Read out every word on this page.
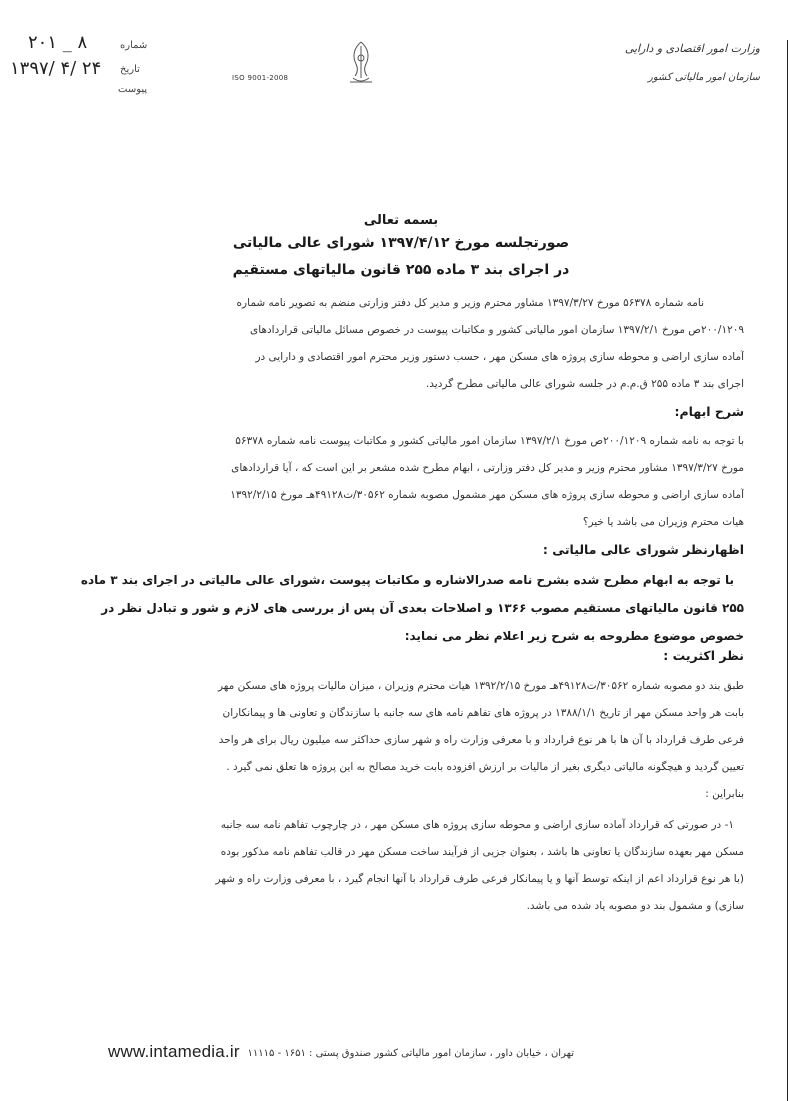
۲۰۱ _ ۸
۱۳۹۷/ ۴/ ۲۴
شماره
تاریخ
پیوست
ISO 9001-2008
وزارت امور اقتصادی و دارایی
سازمان امور مالیاتی کشور
بسمه تعالی
صورتجلسه مورخ ۱۳۹۷/۴/۱۲ شورای عالی مالیاتی
در اجرای بند ۳ ماده ۲۵۵ قانون مالیاتهای مستقیم
نامه شماره ۵۶۳۷۸ مورخ ۱۳۹۷/۳/۲۷ مشاور محترم وزیر و مدیر کل دفتر وزارتی منضم به تصویر نامه شماره
۲۰۰/۱۲۰۹ص مورخ ۱۳۹۷/۲/۱ سازمان امور مالیاتی کشور و مکاتبات پیوست در خصوص مسائل مالیاتی قراردادهای
آماده سازی اراضی و محوطه سازی پروژه های مسکن مهر ، حسب دستور وزیر محترم امور اقتصادی و دارایی در
اجرای بند ۳ ماده ۲۵۵ ق.م.م در جلسه شورای عالی مالیاتی مطرح گردید.
شرح ابهام:
با توجه به نامه شماره ۲۰۰/۱۲۰۹ص مورخ ۱۳۹۷/۲/۱ سازمان امور مالیاتی کشور و مکاتبات پیوست نامه شماره ۵۶۳۷۸
مورخ ۱۳۹۷/۳/۲۷ مشاور محترم وزیر و مدیر کل دفتر وزارتی ، ابهام مطرح شده مشعر بر این است که ، آیا قراردادهای
آماده سازی اراضی و محوطه سازی پروژه های مسکن مهر مشمول مصوبه شماره ۳۰۵۶۲/ت۴۹۱۲۸هـ مورخ ۱۳۹۲/۲/۱۵
هیات محترم وزیران می باشد یا خیر؟
اظهارنظر شورای عالی مالیاتی :
با توجه به ابهام مطرح شده بشرح نامه صدرالاشاره و مکاتبات پیوست ،شورای عالی مالیاتی در اجرای بند ۳ ماده
۲۵۵ قانون مالیاتهای مستقیم مصوب ۱۳۶۶ و اصلاحات بعدی آن پس از بررسی های لازم و شور و تبادل نظر در
خصوص موضوع مطروحه به شرح زیر اعلام نظر می نماید:
نظر اکثریت :
طبق بند دو مصوبه شماره ۳۰۵۶۲/ت۴۹۱۲۸هـ مورخ ۱۳۹۲/۲/۱۵ هیات محترم وزیران ، میزان مالیات پروژه های مسکن مهر
بابت هر واحد مسکن مهر از تاریخ ۱۳۸۸/۱/۱ در پروژه های تفاهم نامه های سه جانبه با سازندگان و تعاونی ها و پیمانکاران
فرعی طرف قرارداد با آن ها با هر نوع قرارداد و با معرفی وزارت راه و شهر سازی حداکثر سه میلیون ریال برای هر واحد
تعیین گردید و هیچگونه مالیاتی دیگری بغیر از مالیات بر ارزش افزوده بابت خرید مصالح به این پروژه ها تعلق نمی گیرد .
بنابراین :
۱- در صورتی که قرارداد آماده سازی اراضی و محوطه سازی پروژه های مسکن مهر ، در چارچوب تفاهم نامه سه جانبه
مسکن مهر بعهده سازندگان یا تعاونی ها باشد ، بعنوان جزیی از فرآیند ساخت مسکن مهر در قالب تفاهم نامه مذکور بوده
(با هر نوع قرارداد اعم از اینکه توسط آنها و یا پیمانکار فرعی طرف قرارداد با آنها انجام گیرد ، با معرفی وزارت راه و شهر
سازی) و مشمول بند دو مصوبه یاد شده می باشد.
تهران ، خیابان داور ، سازمان امور مالیاتی کشور صندوق پستی : ۱۶۵۱ - ۱۱۱۱۵
www.intamedia.ir
